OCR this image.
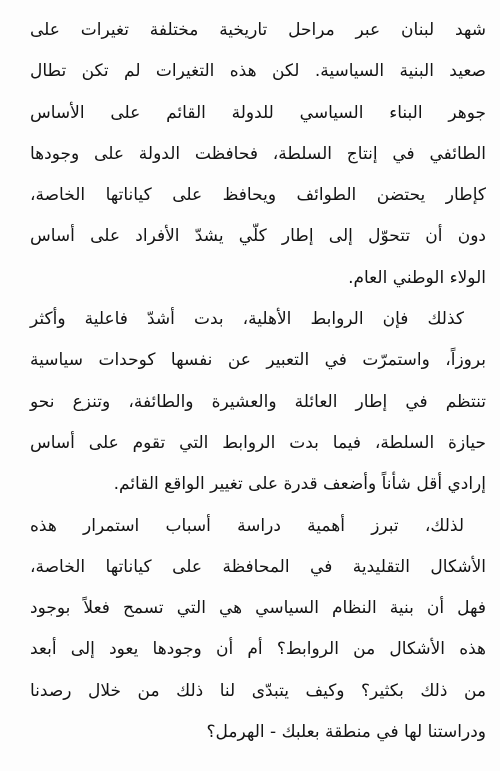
شهد لبنان عبر مراحل تاريخية مختلفة تغيرات على
صعيد البنية السياسية. لكن هذه التغيرات لم تكن تطال
جوهر البناء السياسي للدولة القائم على الأساس
الطائفي في إنتاج السلطة، فحافظت الدولة على وجودها
كإطار يحتضن الطوائف ويحافظ على كياناتها الخاصة،
دون أن تتحوّل إلى إطار كلّي يشدّ الأفراد على أساس
الولاء الوطني العام.
كذلك فإن الروابط الأهلية، بدت أشدّ فاعلية وأكثر
بروزاً، واستمرّت في التعبير عن نفسها كوحدات سياسية
تنتظم في إطار العائلة والعشيرة والطائفة، وتنزع نحو
حيازة السلطة، فيما بدت الروابط التي تقوم على أساس
إرادي أقل شأناً وأضعف قدرة على تغيير الواقع القائم.
لذلك، تبرز أهمية دراسة أسباب استمرار هذه
الأشكال التقليدية في المحافظة على كياناتها الخاصة،
فهل أن بنية النظام السياسي هي التي تسمح فعلاً بوجود
هذه الأشكال من الروابط؟ أم أن وجودها يعود إلى أبعد
من ذلك بكثير؟ وكيف يتبدّى لنا ذلك من خلال رصدنا
ودراستنا لها في منطقة بعلبك - الهرمل؟
